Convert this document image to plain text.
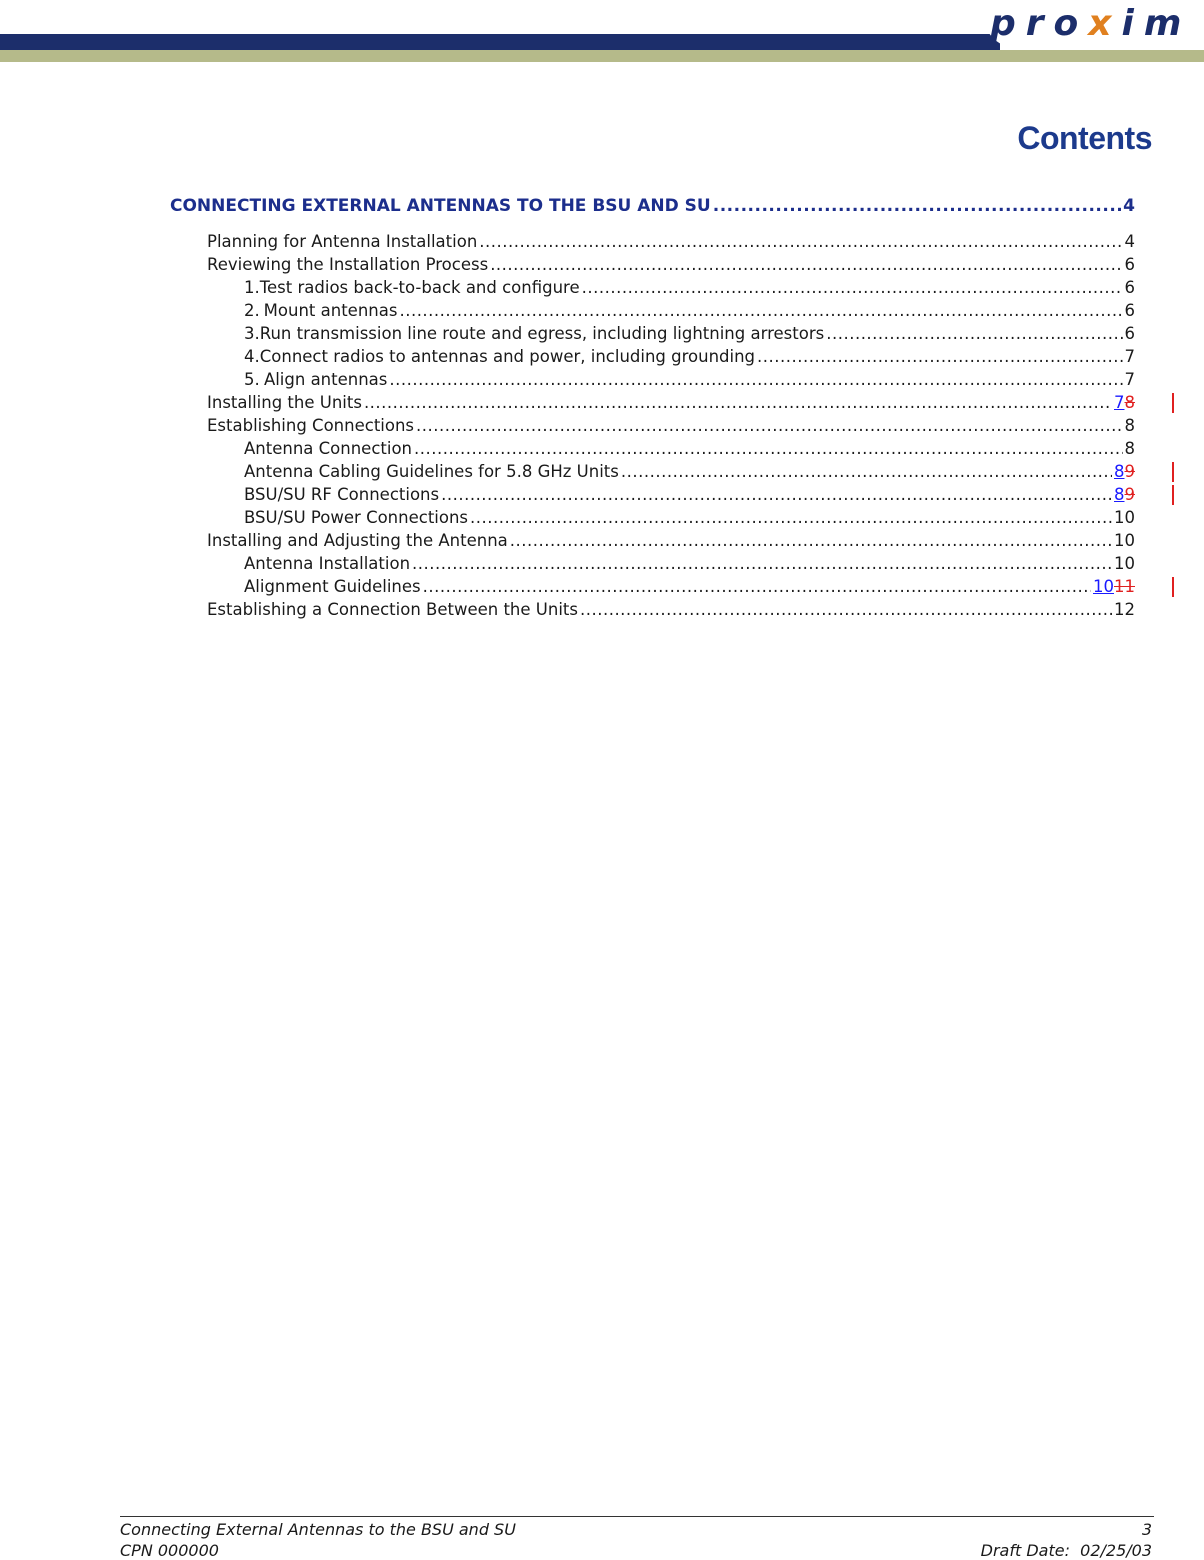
proxim
Contents
CONNECTING EXTERNAL ANTENNAS TO THE BSU AND SU .....	4
Planning for Antenna Installation .....	4
Reviewing the Installation Process .....	6
1. Test radios back-to-back and configure .....	6
2. Mount antennas .....	6
3. Run transmission line route and egress, including lightning arrestors .....	6
4. Connect radios to antennas and power, including grounding .....	7
5. Align antennas .....	7
Installing the Units .....	78
Establishing Connections .....	8
Antenna Connection .....	8
Antenna Cabling Guidelines for 5.8 GHz Units .....	89
BSU/SU RF Connections .....	89
BSU/SU Power Connections .....	10
Installing and Adjusting the Antenna .....	10
Antenna Installation .....	10
Alignment Guidelines .....	1011
Establishing a Connection Between the Units .....	12
Connecting External Antennas to the BSU and SU	3
CPN 000000	Draft Date:  02/25/03
